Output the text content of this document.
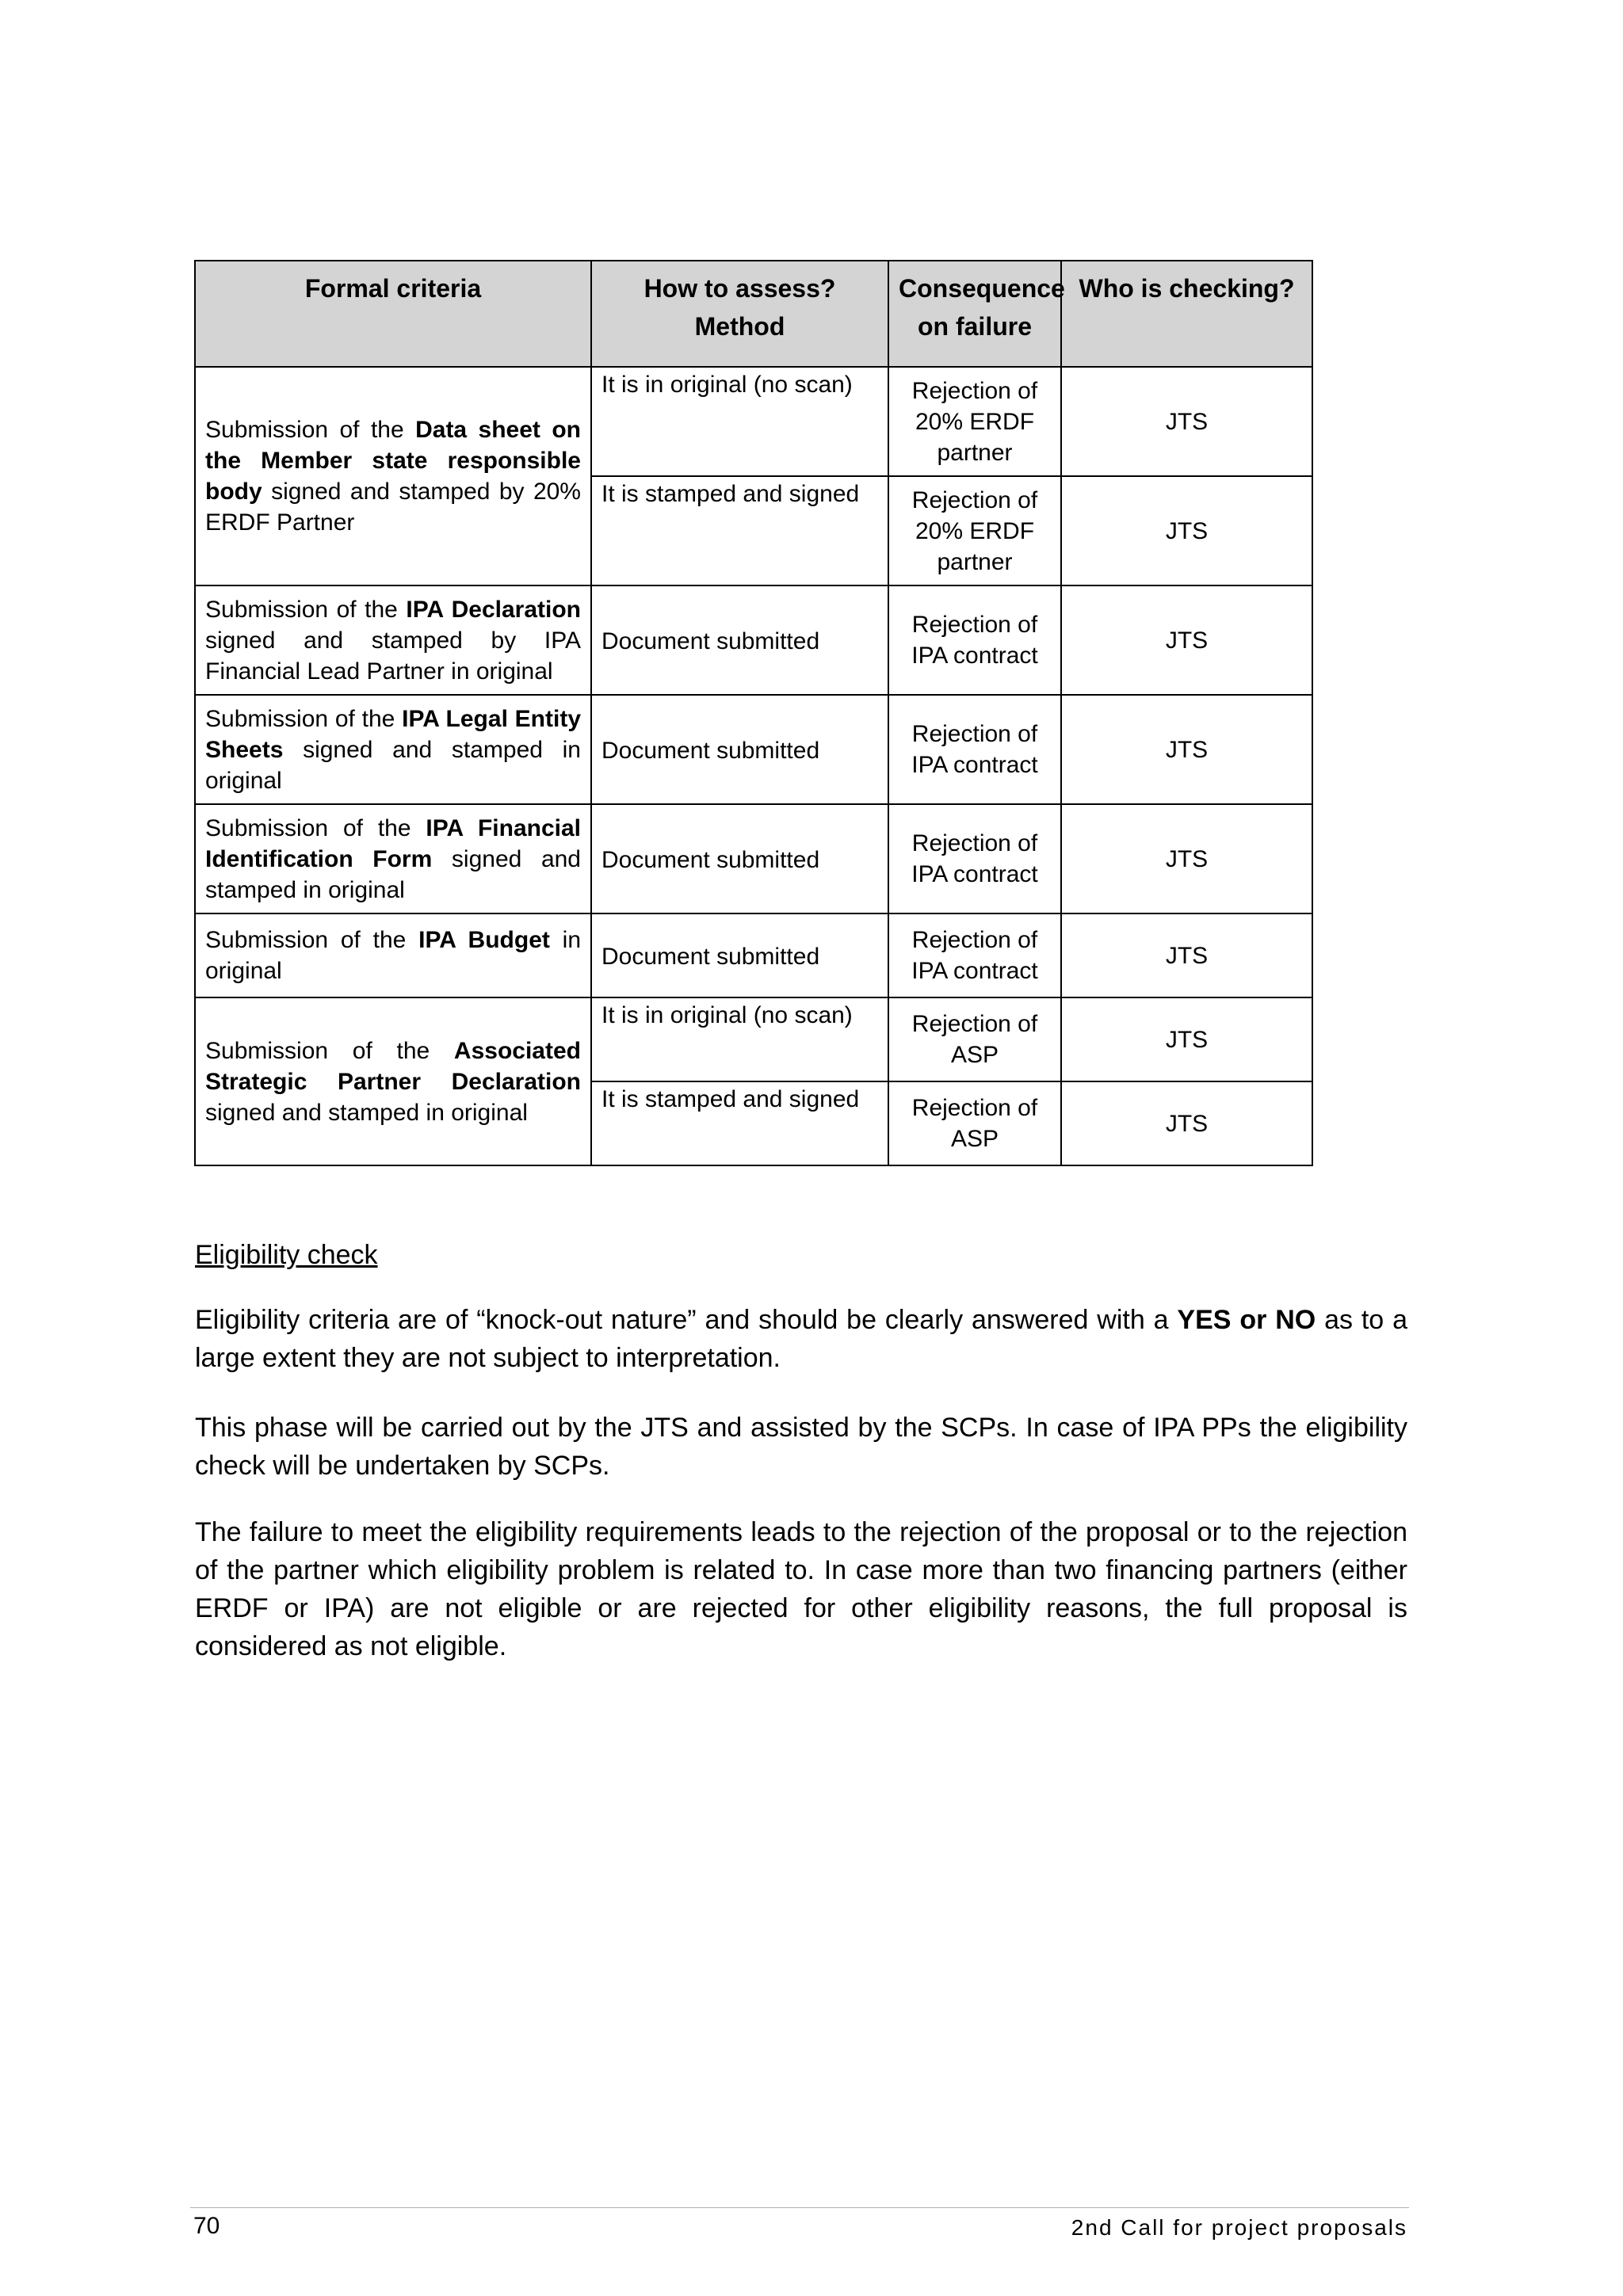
Formal criteria	How to assess? Method	Consequence on failure	Who is checking?
Submission of the Data sheet on the Member state responsible body signed and stamped by 20% ERDF Partner	It is in original (no scan)	Rejection of 20% ERDF partner	JTS
	It is stamped and signed	Rejection of 20% ERDF partner	JTS
Submission of the IPA Declaration signed and stamped by IPA Financial Lead Partner in original	Document submitted	Rejection of IPA contract	JTS
Submission of the IPA Legal Entity Sheets signed and stamped in original	Document submitted	Rejection of IPA contract	JTS
Submission of the IPA Financial Identification Form signed and stamped in original	Document submitted	Rejection of IPA contract	JTS
Submission of the IPA Budget in original	Document submitted	Rejection of IPA contract	JTS
Submission of the Associated Strategic Partner Declaration signed and stamped in original	It is in original (no scan)	Rejection of ASP	JTS
	It is stamped and signed	Rejection of ASP	JTS
Eligibility check

Eligibility criteria are of “knock-out nature” and should be clearly answered with a YES or NO as to a large extent they are not subject to interpretation.

This phase will be carried out by the JTS and assisted by the SCPs. In case of IPA PPs the eligibility check will be undertaken by SCPs.

The failure to meet the eligibility requirements leads to the rejection of the proposal or to the rejection of the partner which eligibility problem is related to. In case more than two financing partners (either ERDF or IPA) are not eligible or are rejected for other eligibility reasons, the full proposal is considered as not eligible.

70	2nd Call for project proposals
